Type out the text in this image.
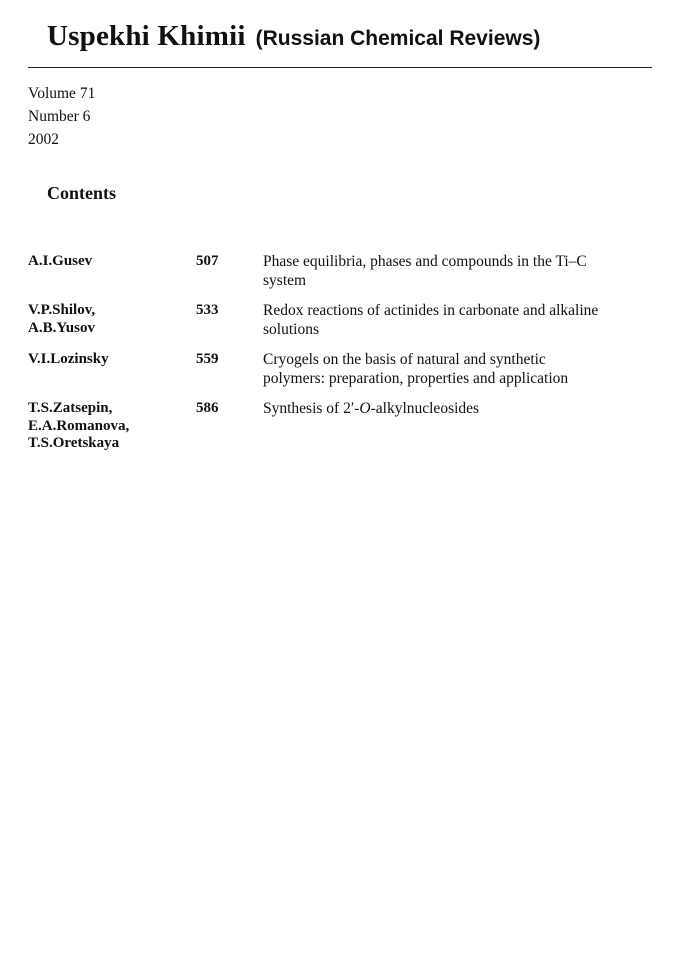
Uspekhi Khimii (Russian Chemical Reviews)
Volume 71
Number 6
2002
Contents
A.I.Gusev	507	Phase equilibria, phases and compounds in the Ti–C
system
V.P.Shilov,
A.B.Yusov
533	Redox reactions of actinides in carbonate and alkaline
solutions
V.I.Lozinsky	559	Cryogels on the basis of natural and synthetic
polymers: preparation, properties and application
T.S.Zatsepin,
E.A.Romanova,
T.S.Oretskaya
586	Synthesis of 2′-O-alkylnucleosides
